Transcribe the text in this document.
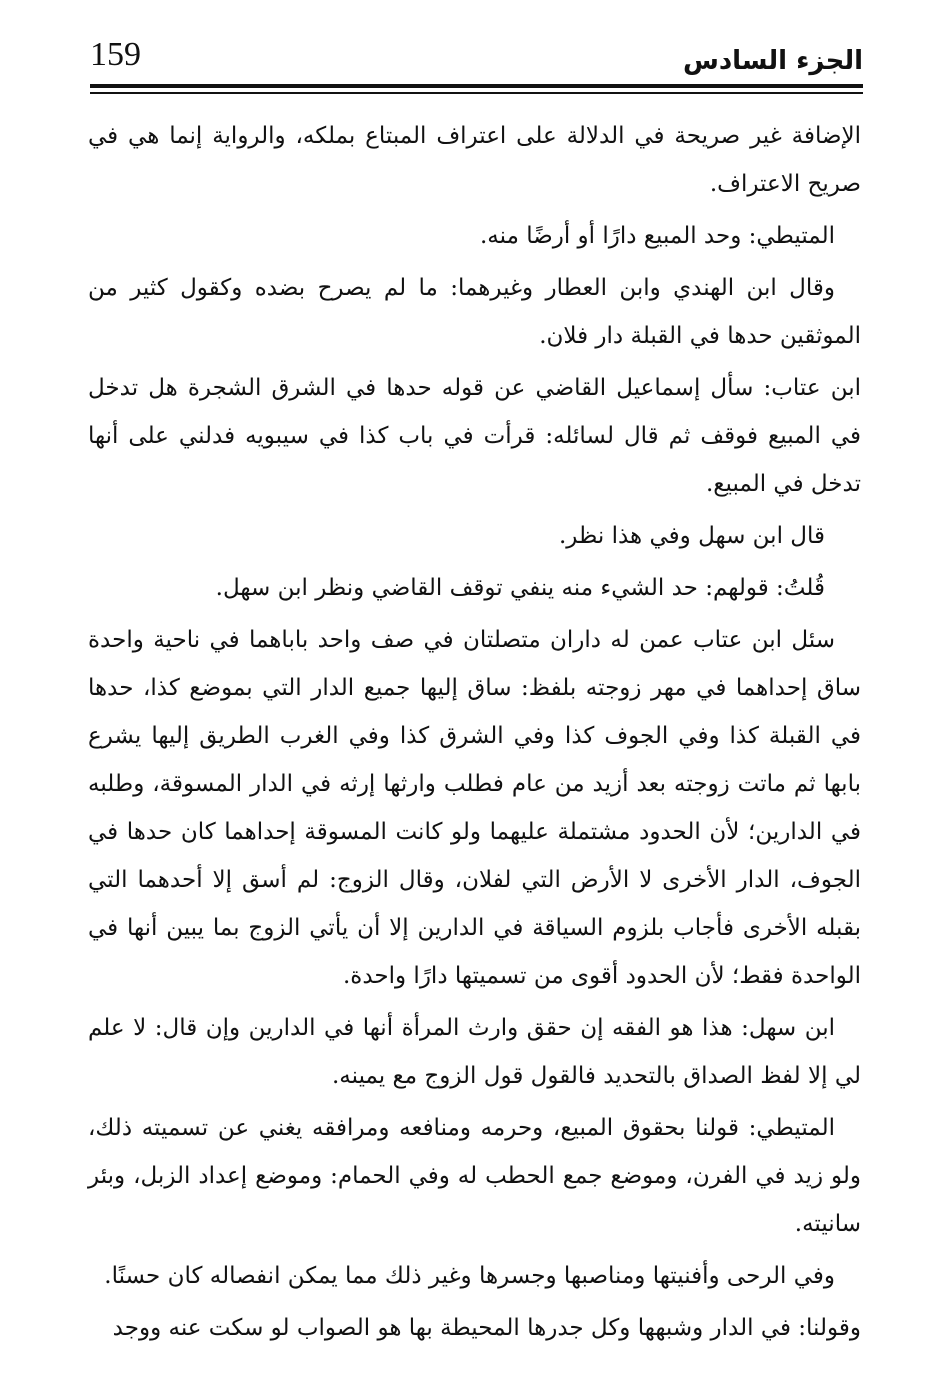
159	الجزء السادس

الإضافة غير صريحة في الدلالة على اعتراف المبتاع بملكه، والرواية إنما هي في صريح الاعتراف.

المتيطي: وحد المبيع دارًا أو أرضًا منه.

وقال ابن الهندي وابن العطار وغيرهما: ما لم يصرح بضده وكقول كثير من الموثقين حدها في القبلة دار فلان.

ابن عتاب: سأل إسماعيل القاضي عن قوله حدها في الشرق الشجرة هل تدخل في المبيع فوقف ثم قال لسائله: قرأت في باب كذا في سيبويه فدلني على أنها تدخل في المبيع.

قال ابن سهل وفي هذا نظر.

قُلتُ: قولهم: حد الشيء منه ينفي توقف القاضي ونظر ابن سهل.

سئل ابن عتاب عمن له داران متصلتان في صف واحد باباهما في ناحية واحدة ساق إحداهما في مهر زوجته بلفظ: ساق إليها جميع الدار التي بموضع كذا، حدها في القبلة كذا وفي الجوف كذا وفي الشرق كذا وفي الغرب الطريق إليها يشرع بابها ثم ماتت زوجته بعد أزيد من عام فطلب وارثها إرثه في الدار المسوقة، وطلبه في الدارين؛ لأن الحدود مشتملة عليهما ولو كانت المسوقة إحداهما كان حدها في الجوف، الدار الأخرى لا الأرض التي لفلان، وقال الزوج: لم أسق إلا أحدهما التي بقبله الأخرى فأجاب بلزوم السياقة في الدارين إلا أن يأتي الزوج بما يبين أنها في الواحدة فقط؛ لأن الحدود أقوى من تسميتها دارًا واحدة.

ابن سهل: هذا هو الفقه إن حقق وارث المرأة أنها في الدارين وإن قال: لا علم لي إلا لفظ الصداق بالتحديد فالقول قول الزوج مع يمينه.

المتيطي: قولنا بحقوق المبيع، وحرمه ومنافعه ومرافقه يغني عن تسميته ذلك، ولو زيد في الفرن، وموضع جمع الحطب له وفي الحمام: وموضع إعداد الزبل، وبئر سانيته.

وفي الرحى وأفنيتها ومناصبها وجسرها وغير ذلك مما يمكن انفصاله كان حسنًا.

وقولنا: في الدار وشبهها وكل جدرها المحيطة بها هو الصواب لو سكت عنه ووجد
